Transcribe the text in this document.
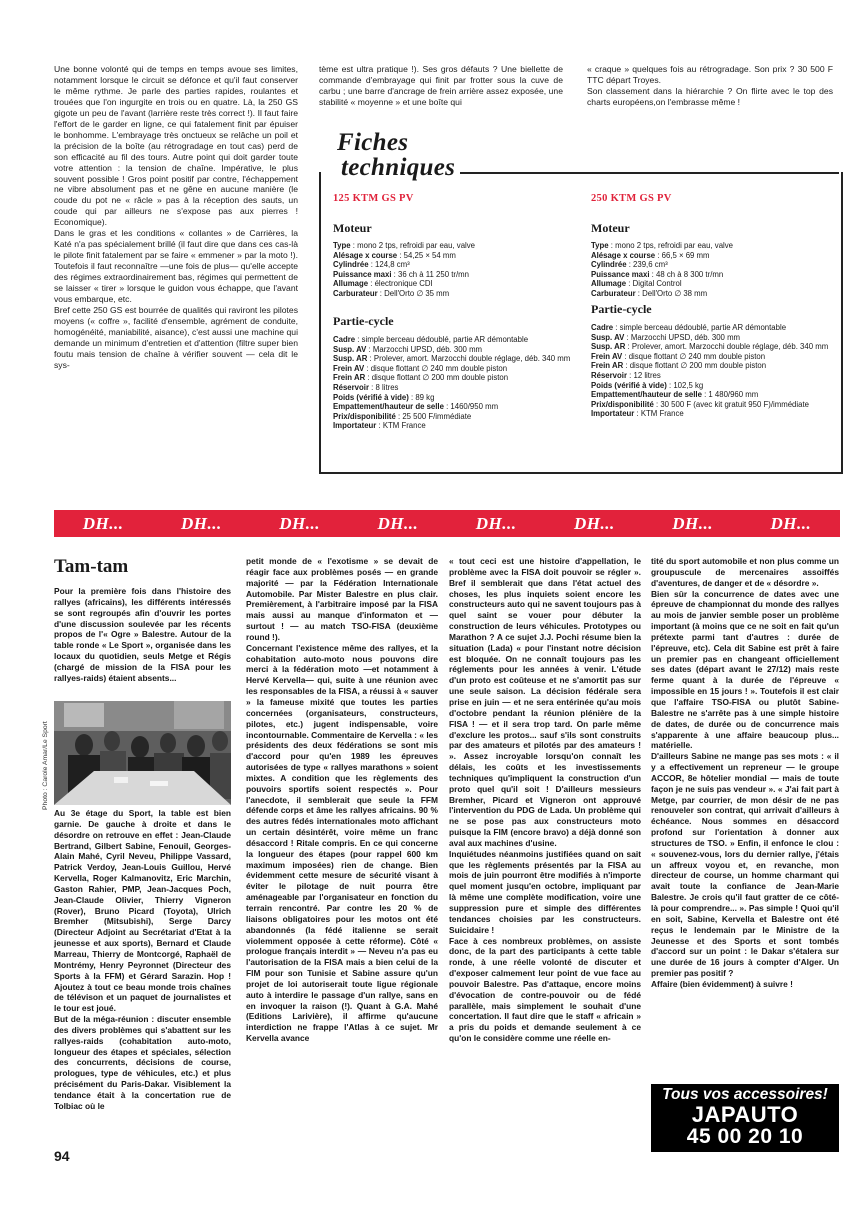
Une bonne volonté qui de temps en temps avoue ses limites, notamment lorsque le circuit se défonce et qu'il faut conserver le même rythme. Je parle des parties rapides, roulantes et trouées que l'on ingurgite en trois ou en quatre. Là, la 250 GS gigote un peu de l'avant (larrière reste très correct !). Il faut faire l'effort de le garder en ligne, ce qui fatalement finit par épuiser le bonhomme. L'embrayage très onctueux se relâche un poil et la précision de la boîte (au rétrogradage en tout cas) perd de son efficacité au fil des tours. Autre point qui doit garder toute votre attention : la tension de chaîne. Impérative, le plus souvent possible ! Gros point positif par contre, l'échappement ne vibre absolument pas et ne gêne en aucune manière (le coude du pot ne « râcle » pas à la réception des sauts, un coude qui par ailleurs ne s'expose pas aux pierres ! Economique).

Dans le gras et les conditions « collantes » de Carrières, la Katé n'a pas spécialement brillé (il faut dire que dans ces cas-là le pilote finit fatalement par se faire « emmener » par la moto !). Toutefois il faut reconnaître —une fois de plus— qu'elle accepte des régimes extraordinairement bas, régimes qui permettent de se laisser « tirer » lorsque le guidon vous échappe, que l'avant vous embarque, etc.

Bref cette 250 GS est bourrée de qualités qui raviront les pilotes moyens (« coffre », facilité d'ensemble, agrément de conduite, homogénéité, maniabilité, aisance), c'est aussi une machine qui demande un minimum d'entretien et d'attention (filtre super bien foutu mais tension de chaîne à vérifier souvent — cela dit le sys-

tème est ultra pratique !). Ses gros défauts ? Une biellette de commande d'embrayage qui finit par frotter sous la cuve de carbu ; une barre d'ancrage de frein arrière assez exposée, une stabilité « moyenne » et une boîte qui

« craque » quelques fois au rétrogradage. Son prix ? 30 500 F TTC départ Troyes.

Son classement dans la hiérarchie ? On flirte avec le top des charts européens,on l'embrasse même !

Fiches
techniques
125 KTM GS PV
Moteur
Type : mono 2 tps, refroidi par eau, valve
Alésage x course : 54,25 × 54 mm
Cylindrée : 124,8 cm³
Puissance maxi : 36 ch à 11 250 tr/mn
Allumage : électronique CDI
Carburateur : Dell'Orto ∅ 35 mm
Partie-cycle
Cadre : simple berceau dédoublé, partie AR démontable
Susp. AV : Marzocchi UPSD, déb. 300 mm
Susp. AR : Prolever, amort. Marzocchi double réglage, déb. 340 mm
Frein AV : disque flottant ∅ 240 mm double piston
Frein AR : disque flottant ∅ 200 mm double piston
Réservoir : 8 litres
Poids (vérifié à vide) : 89 kg
Empattement/hauteur de selle : 1460/950 mm
Prix/disponibilité : 25 500 F/immédiate
Importateur : KTM France
250 KTM GS PV
Moteur
Type : mono 2 tps, refroidi par eau, valve
Alésage x course : 66,5 × 69 mm
Cylindrée : 239,6 cm³
Puissance maxi : 48 ch à 8 300 tr/mn
Allumage : Digital Control
Carburateur : Dell'Orto ∅ 38 mm
Partie-cycle
Cadre : simple berceau dédoublé, partie AR démontable
Susp. AV : Marzocchi UPSD, déb. 300 mm
Susp. AR : Prolever, amort. Marzocchi double réglage, déb. 340 mm
Frein AV : disque flottant ∅ 240 mm double piston
Frein AR : disque flottant ∅ 200 mm double piston
Réservoir : 12 litres
Poids (vérifié à vide) : 102,5 kg
Empattement/hauteur de selle : 1 480/960 mm
Prix/disponibilité : 30 500 F (avec kit gratuit 950 F)/immédiate
Importateur : KTM France
DH...	DH...	DH...	DH...	DH...	DH...	DH...	DH...
Tam-tam

Pour la première fois dans l'histoire des rallyes (africains), les différents intéressés se sont regroupés afin d'ouvrir les portes d'une discussion soulevée par les récents propos de l'« Ogre » Balestre. Autour de la table ronde « Le Sport », organisée dans les locaux du quotidien, seuls Metge et Régis (chargé de mission de la FISA pour les rallyes-raids) étaient absents...

Photo : Carole Amar/Le Sport

Au 3e étage du Sport, la table est bien garnie. De gauche à droite et dans le désordre on retrouve en effet : Jean-Claude Bertrand, Gilbert Sabine, Fenouil, Georges-Alain Mahé, Cyril Neveu, Philippe Vassard, Patrick Verdoy, Jean-Louis Guillou, Hervé Kervella, Roger Kalmanovitz, Eric Marchin, Gaston Rahier, PMP, Jean-Jacques Poch, Jean-Claude Olivier, Thierry Vigneron (Rover), Bruno Picard (Toyota), Ulrich Bremher (Mitsubishi), Serge Darcy (Directeur Adjoint au Secrétariat d'Etat à la jeunesse et aux sports), Bernard et Claude Marreau, Thierry de Montcorgé, Raphaël de Montrémy, Henry Peyronnet (Directeur des Sports à la FFM) et Gérard Sarazin. Hop ! Ajoutez à tout ce beau monde trois chaînes de télévison et un paquet de journalistes et le tour est joué.

But de la méga-réunion : discuter ensemble des divers problèmes qui s'abattent sur les rallyes-raids (cohabitation auto-moto, longueur des étapes et spéciales, sélection des concurrents, décisions de course, prologues, type de véhicules, etc.) et plus précisément du Paris-Dakar. Visiblement la tendance était à la concertation rue de Tolbiac où le

petit monde de « l'exotisme » se devait de réagir face aux problèmes posés — en grande majorité — par la Fédération Internationale Automobile. Par Mister Balestre en plus clair. Premièrement, à l'arbitraire imposé par la FISA mais aussi au manque d'informaton et — surtout ! — au match TSO-FISA (deuxième round !).

Concernant l'existence même des rallyes, et la cohabitation auto-moto nous pouvons dire merci à la fédération moto —et notamment à Hervé Kervella— qui, suite à une réunion avec les responsables de la FISA, a réussi à « sauver » la fameuse mixité que toutes les parties concernées (organisateurs, constructeurs, pilotes, etc.) jugent indispensable, voire incontournable. Commentaire de Kervella : « les présidents des deux fédérations se sont mis d'accord pour qu'en 1989 les épreuves autorisées de type « rallyes marathons » soient mixtes. A condition que les règlements des pouvoirs sportifs soient respectés ». Pour l'anecdote, il semblerait que seule la FFM défende corps et âme les rallyes africains. 90 % des autres fédés internationales moto affichant un certain désintérêt, voire même un franc désaccord ! Ritale compris. En ce qui concerne la longueur des étapes (pour rappel 600 km maximum imposées) rien de change. Bien évidemment cette mesure de sécurité visant à éviter le pilotage de nuit pourra être aménageable par l'organisateur en fonction du terrain rencontré. Par contre les 20 % de liaisons obligatoires pour les motos ont été abandonnés (la fédé italienne se serait violemment opposée à cette réforme). Côté « prologue français interdit » — Neveu n'a pas eu l'autorisation de la FISA mais a bien celui de la FIM pour son Tunisie et Sabine assure qu'un projet de loi autoriserait toute ligue régionale auto à interdire le passage d'un rallye, sans en en invoquer la raison (!). Quant à G.A. Mahé (Editions Larivière), il affirme qu'aucune interdiction ne frappe l'Atlas à ce sujet. Mr Kervella avance

« tout ceci est une histoire d'appellation, le problème avec la FISA doit pouvoir se régler ». Bref il semblerait que dans l'état actuel des choses, les plus inquiets soient encore les constructeurs auto qui ne savent toujours pas à quel saint se vouer pour débuter la construction de leurs véhicules. Prototypes ou Marathon ? A ce sujet J.J. Pochi résume bien la situation (Lada) « pour l'instant notre décision est bloquée. On ne connaît toujours pas les réglements pour les années à venir. L'étude d'un proto est coûteuse et ne s'amortit pas sur une seule saison. La décision fédérale sera prise en juin — et ne sera entérinée qu'au mois d'octobre pendant la réunion plénière de la FISA ! — et il sera trop tard. On parle même d'exclure les protos... sauf s'ils sont construits par des amateurs et pilotés par des amateurs ! ». Assez incroyable lorsqu'on connaît les délais, les coûts et les investissements techniques qu'impliquent la construction d'un proto quel qu'il soit ! D'ailleurs messieurs Bremher, Picard et Vigneron ont approuvé l'intervention du PDG de Lada. Un problème qui ne se pose pas aux constructeurs moto puisque la FIM (encore bravo) a déjà donné son aval aux machines d'usine.

Inquiétudes néanmoins justifiées quand on sait que les règlements présentés par la FISA au mois de juin pourront être modifiés à n'importe quel moment jusqu'en octobre, impliquant par là même une complète modification, voire une suppression pure et simple des différentes tendances choisies par les constructeurs. Suicidaire !

Face à ces nombreux problèmes, on assiste donc, de la part des participants à cette table ronde, à une réelle volonté de discuter et d'exposer calmement leur point de vue face au pouvoir Balestre. Pas d'attaque, encore moins d'évocation de contre-pouvoir ou de fédé parallèle, mais simplement le souhait d'une concertation. Il faut dire que le staff « africain » a pris du poids et demande seulement à ce qu'on le considère comme une réelle en-

tité du sport automobile et non plus comme un groupuscule de mercenaires assoiffés d'aventures, de danger et de « désordre ».

Bien sûr la concurrence de dates avec une épreuve de championnat du monde des rallyes au mois de janvier semble poser un problème important (à moins que ce ne soit en fait qu'un prétexte parmi tant d'autres : durée de l'épreuve, etc). Cela dit Sabine est prêt à faire un premier pas en changeant officiellement ses dates (départ avant le 27/12) mais reste ferme quant à la durée de l'épreuve « impossible en 15 jours ! ». Toutefois il est clair que l'affaire TSO-FISA ou plutôt Sabine-Balestre ne s'arrête pas à une simple histoire de dates, de durée ou de concurrence mais s'apparente à une affaire beaucoup plus... matérielle.

D'ailleurs Sabine ne mange pas ses mots : « il y a effectivement un repreneur — le groupe ACCOR, 8e hôtelier mondial — mais de toute façon je ne suis pas vendeur ». « J'ai fait part à Metge, par courrier, de mon désir de ne pas renouveler son contrat, qui arrivait d'ailleurs à échéance. Nous sommes en désaccord profond sur l'orientation à donner aux structures de TSO. » Enfin, il enfonce le clou : « souvenez-vous, lors du dernier rallye, j'étais un affreux voyou et, en revanche, mon directeur de course, un homme charmant qui avait toute la confiance de Jean-Marie Balestre. Je crois qu'il faut gratter de ce côté-là pour comprendre... ». Pas simple ! Quoi qu'il en soit, Sabine, Kervella et Balestre ont été reçus le lendemain par le Ministre de la Jeunesse et des Sports et sont tombés d'accord sur un point : le Dakar s'étalera sur une durée de 16 jours à compter d'Alger. Un premier pas positif ?

Affaire (bien évidemment) à suivre !

Tous vos accessoires!
JAPAUTO
45 00 20 10
94
